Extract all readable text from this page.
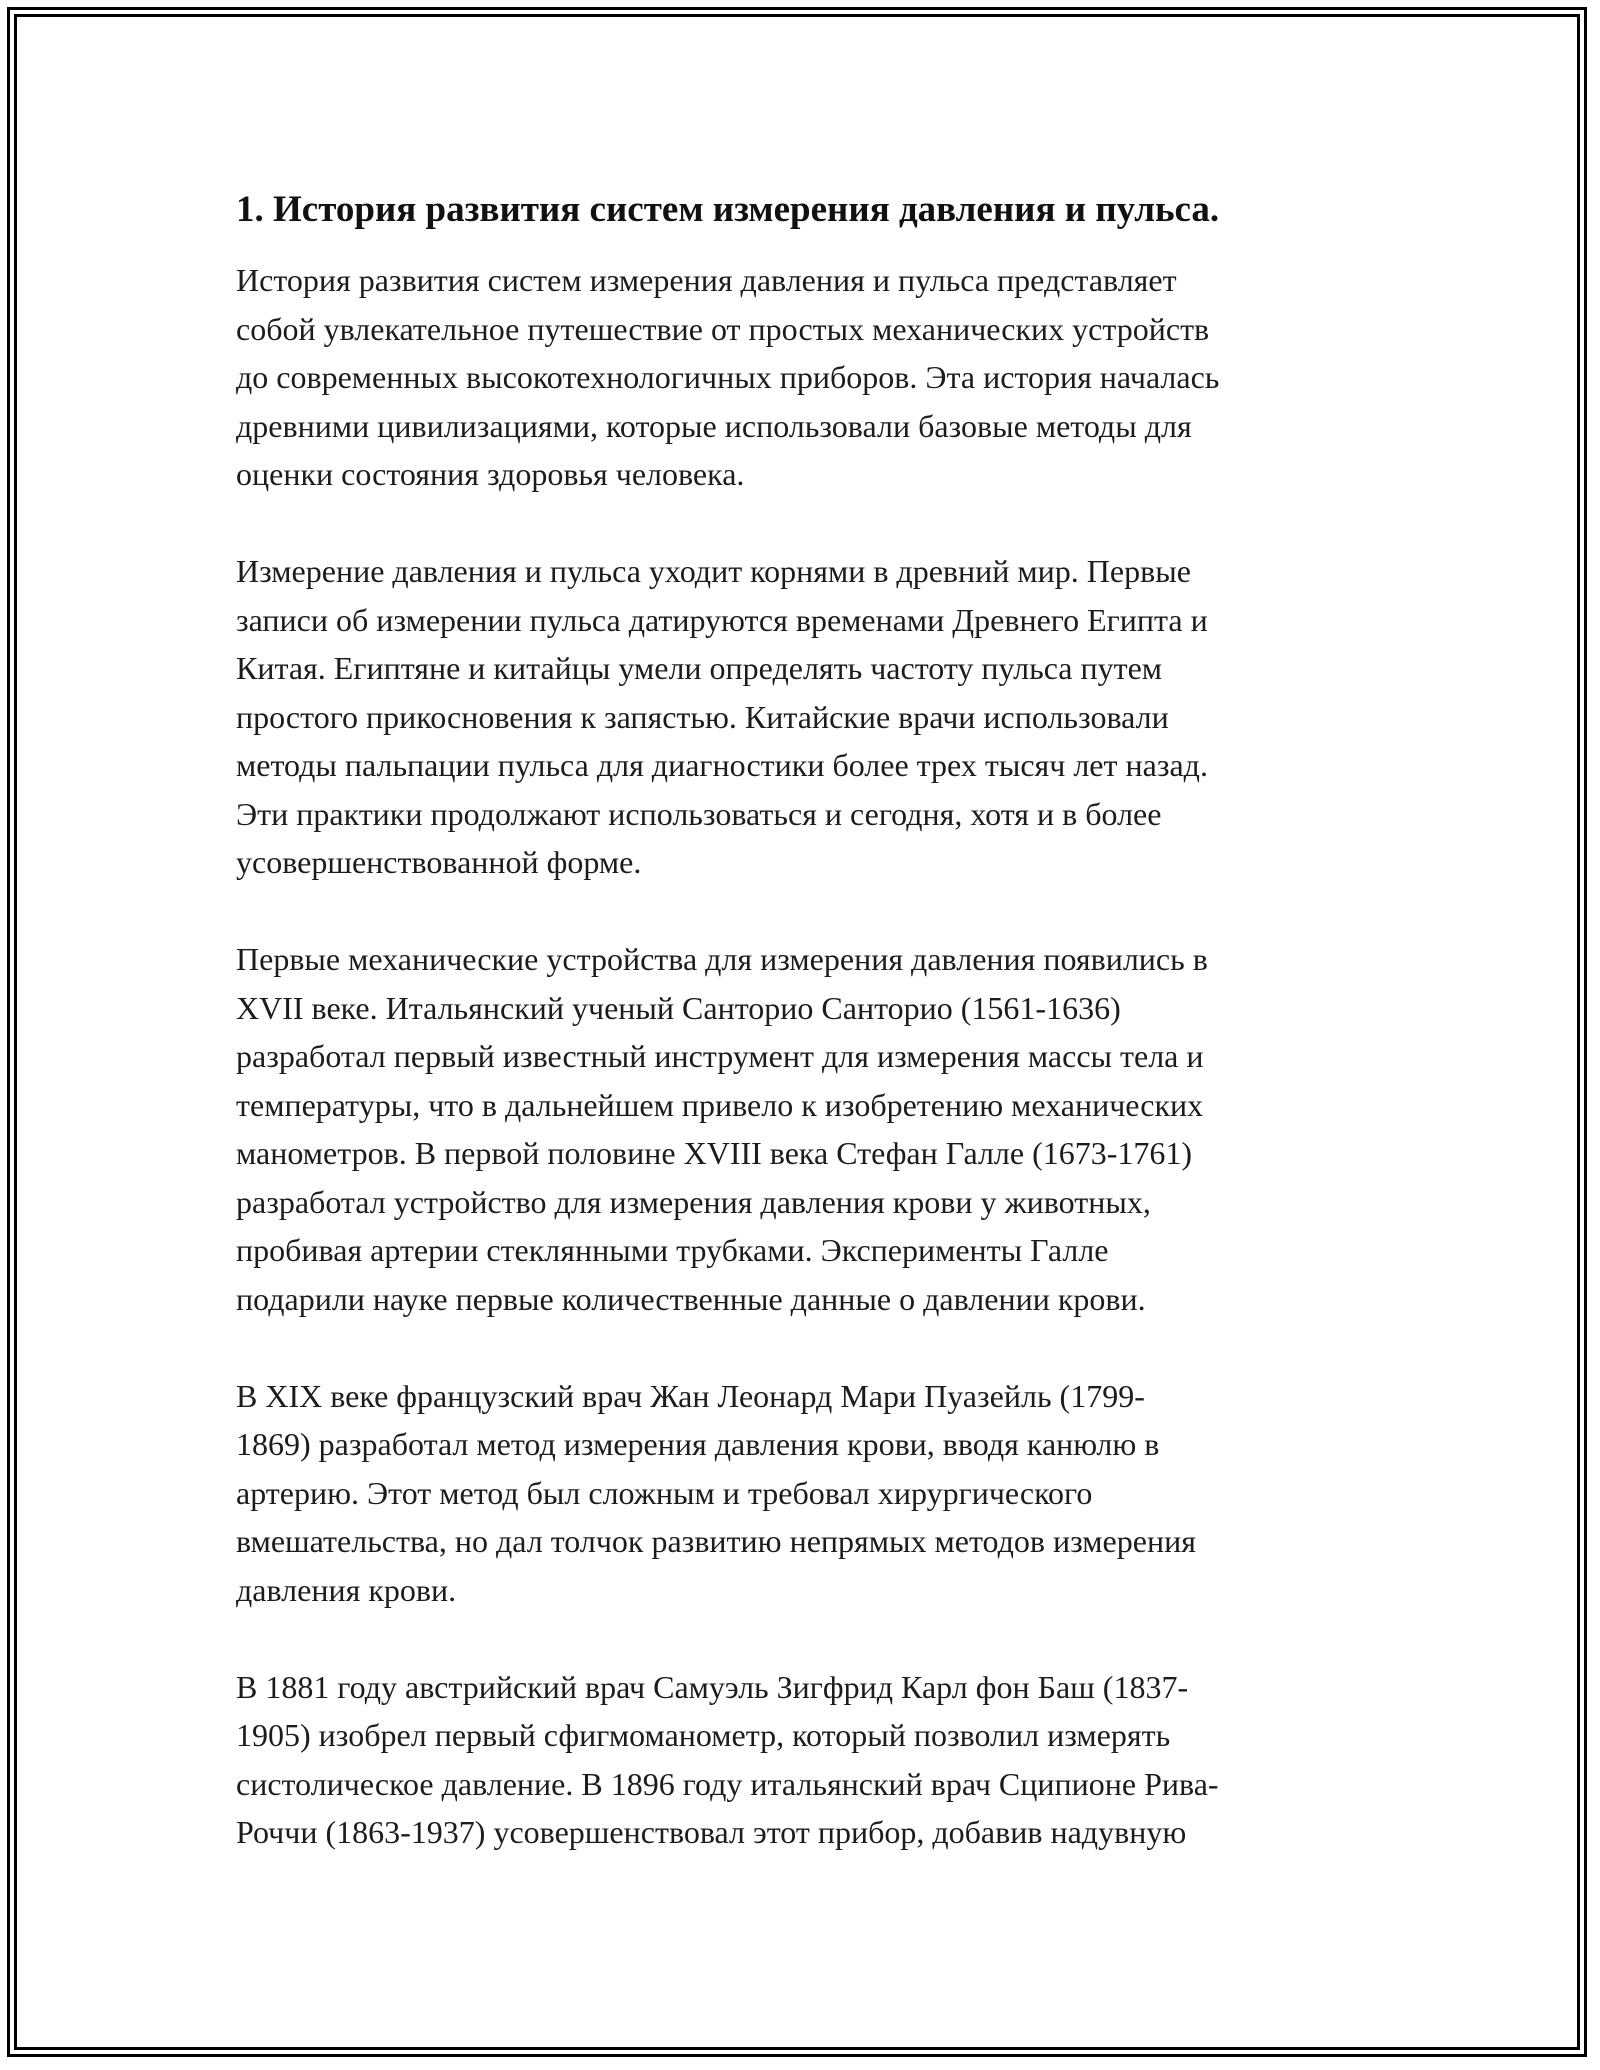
1. История развития систем измерения давления и пульса.

История развития систем измерения давления и пульса представляет
собой увлекательное путешествие от простых механических устройств
до современных высокотехнологичных приборов. Эта история началась
древними цивилизациями, которые использовали базовые методы для
оценки состояния здоровья человека.

Измерение давления и пульса уходит корнями в древний мир. Первые
записи об измерении пульса датируются временами Древнего Египта и
Китая. Египтяне и китайцы умели определять частоту пульса путем
простого прикосновения к запястью. Китайские врачи использовали
методы пальпации пульса для диагностики более трех тысяч лет назад.
Эти практики продолжают использоваться и сегодня, хотя и в более
усовершенствованной форме.

Первые механические устройства для измерения давления появились в
XVII веке. Итальянский ученый Санторио Санторио (1561-1636)
разработал первый известный инструмент для измерения массы тела и
температуры, что в дальнейшем привело к изобретению механических
манометров. В первой половине XVIII века Стефан Галле (1673-1761)
разработал устройство для измерения давления крови у животных,
пробивая артерии стеклянными трубками. Эксперименты Галле
подарили науке первые количественные данные о давлении крови.

В XIX веке французский врач Жан Леонард Мари Пуазейль (1799-
1869) разработал метод измерения давления крови, вводя канюлю в
артерию. Этот метод был сложным и требовал хирургического
вмешательства, но дал толчок развитию непрямых методов измерения
давления крови.

В 1881 году австрийский врач Самуэль Зигфрид Карл фон Баш (1837-
1905) изобрел первый сфигмоманометр, который позволил измерять
систолическое давление. В 1896 году итальянский врач Сципионе Рива-
Роччи (1863-1937) усовершенствовал этот прибор, добавив надувную
